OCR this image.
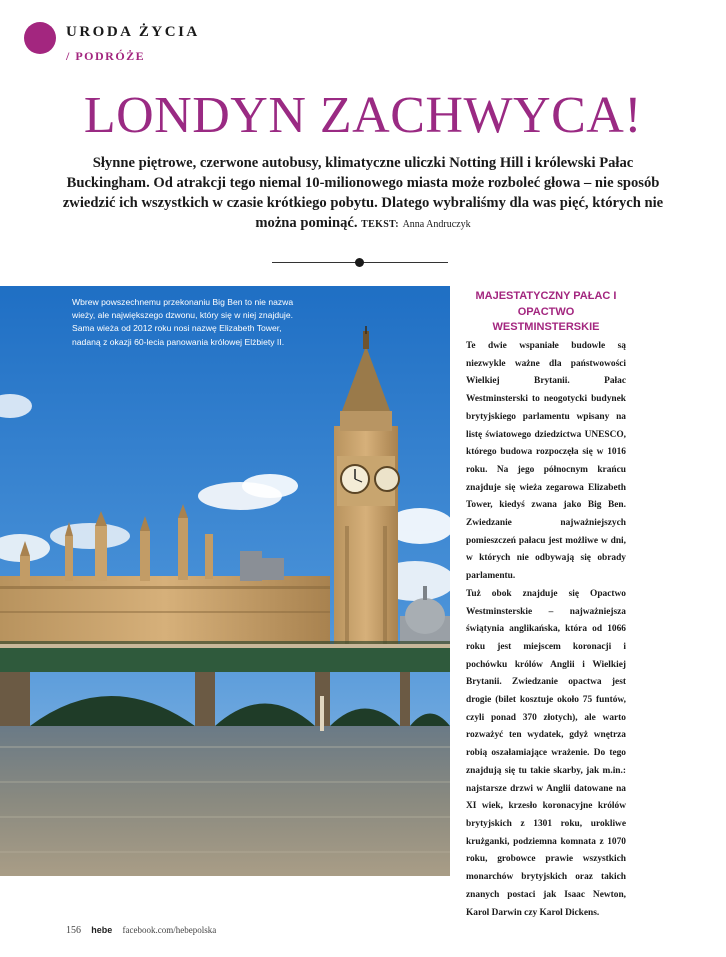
URODA ŻYCIA
/ PODRÓŻE
LONDYN ZACHWYCA!
Słynne piętrowe, czerwone autobusy, klimatyczne uliczki Notting Hill i królewski Pałac Buckingham. Od atrakcji tego niemal 10-milionowego miasta może rozboleć głowa – nie sposób zwiedzić ich wszystkich w czasie krótkiego pobytu. Dlatego wybraliśmy dla was pięć, których nie można pominąć. TEKST: Anna Andruczyk
Wbrew powszechnemu przekonaniu Big Ben to nie nazwa wieży, ale największego dzwonu, który się w niej znajduje. Sama wieża od 2012 roku nosi nazwę Elizabeth Tower, nadaną z okazji 60-lecia panowania królowej Elżbiety II.
MAJESTATYCZNY PAŁAC I OPACTWO WESTMINSTERSKIE

Te dwie wspaniałe budowle są niezwykle ważne dla państwowości Wielkiej Brytanii. Pałac Westminsterski to neogotycki budynek brytyjskiego parlamentu wpisany na listę światowego dziedzictwa UNESCO, którego budowa rozpoczęła się w 1016 roku. Na jego północnym krańcu znajduje się wieża zegarowa Elizabeth Tower, kiedyś zwana jako Big Ben. Zwiedzanie najważniejszych pomieszczeń pałacu jest możliwe w dni, w których nie odbywają się obrady parlamentu.

Tuż obok znajduje się Opactwo Westminsterskie – najważniejsza świątynia anglikańska, która od 1066 roku jest miejscem koronacji i pochówku królów Anglii i Wielkiej Brytanii. Zwiedzanie opactwa jest drogie (bilet kosztuje około 75 funtów, czyli ponad 370 złotych), ale warto rozważyć ten wydatek, gdyż wnętrza robią oszałamiające wrażenie. Do tego znajdują się tu takie skarby, jak m.in.: najstarsze drzwi w Anglii datowane na XI wiek, krzesło koronacyjne królów brytyjskich z 1301 roku, urokliwe krużganki, podziemna komnata z 1070 roku, grobowce prawie wszystkich monarchów brytyjskich oraz takich znanych postaci jak Isaac Newton, Karol Darwin czy Karol Dickens.

156 hebe facebook.com/hebepolska
